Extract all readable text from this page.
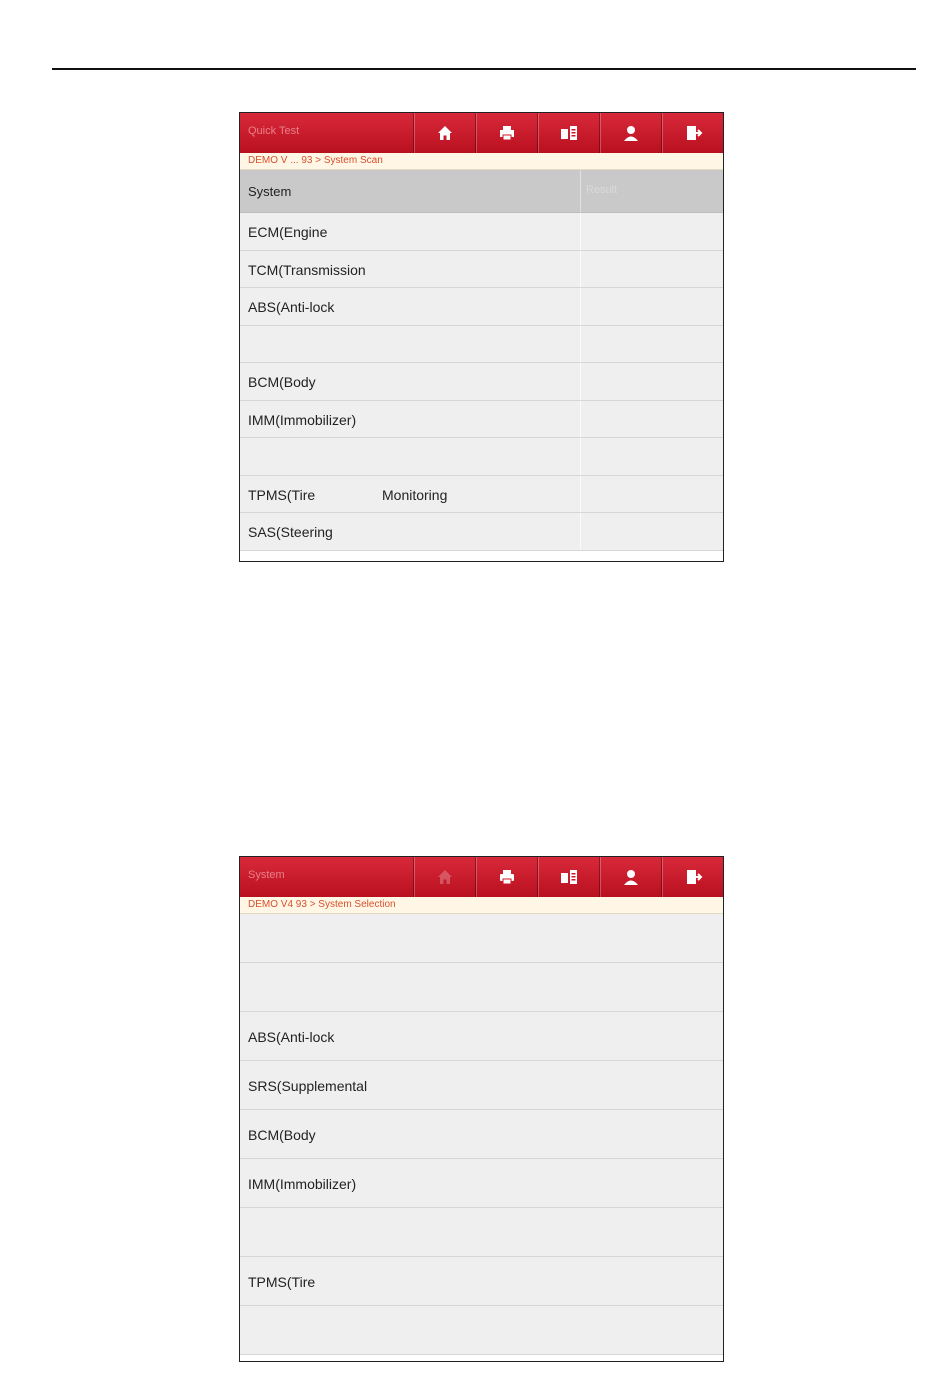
Quick Test
DEMO V ... 93 > System Scan
System	Result
ECM(Engine
TCM(Transmission
ABS(Anti-lock
BCM(Body
IMM(Immobilizer)
TPMS(Tire	Monitoring
SAS(Steering
System
DEMO V4 93 > System Selection
ABS(Anti-lock
SRS(Supplemental
BCM(Body
IMM(Immobilizer)
TPMS(Tire
